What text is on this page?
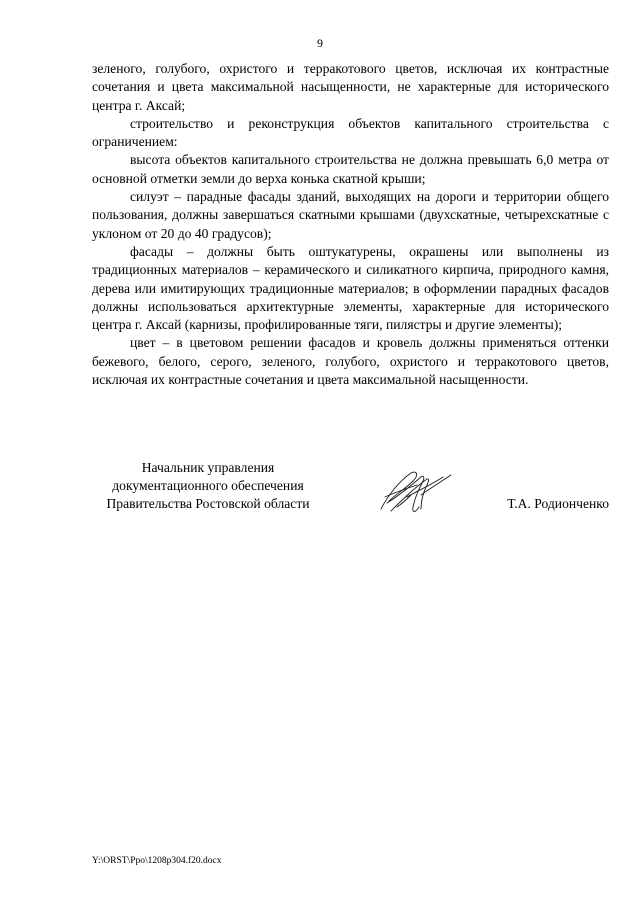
9

зеленого, голубого, охристого и терракотового цветов, исключая их контрастные сочетания и цвета максимальной насыщенности, не характерные для исторического центра г. Аксай;

строительство и реконструкция объектов капитального строительства с ограничением:

высота объектов капитального строительства не должна превышать 6,0 метра от основной отметки земли до верха конька скатной крыши;

силуэт – парадные фасады зданий, выходящих на дороги и территории общего пользования, должны завершаться скатными крышами (двухскатные, четырехскатные с уклоном от 20 до 40 градусов);

фасады – должны быть оштукатурены, окрашены или выполнены из традиционных материалов – керамического и силикатного кирпича, природного камня, дерева или имитирующих традиционные материалов; в оформлении парадных фасадов должны использоваться архитектурные элементы, характерные для исторического центра г. Аксай (карнизы, профилированные тяги, пилястры и другие элементы);

цвет – в цветовом решении фасадов и кровель должны применяться оттенки бежевого, белого, серого, зеленого, голубого, охристого и терракотового цветов, исключая их контрастные сочетания и цвета максимальной насыщенности.

Начальник управления
документационного обеспечения
Правительства Ростовской области	Т.А. Родионченко
Y:\ORST\Ppo\1208p304.f20.docx
